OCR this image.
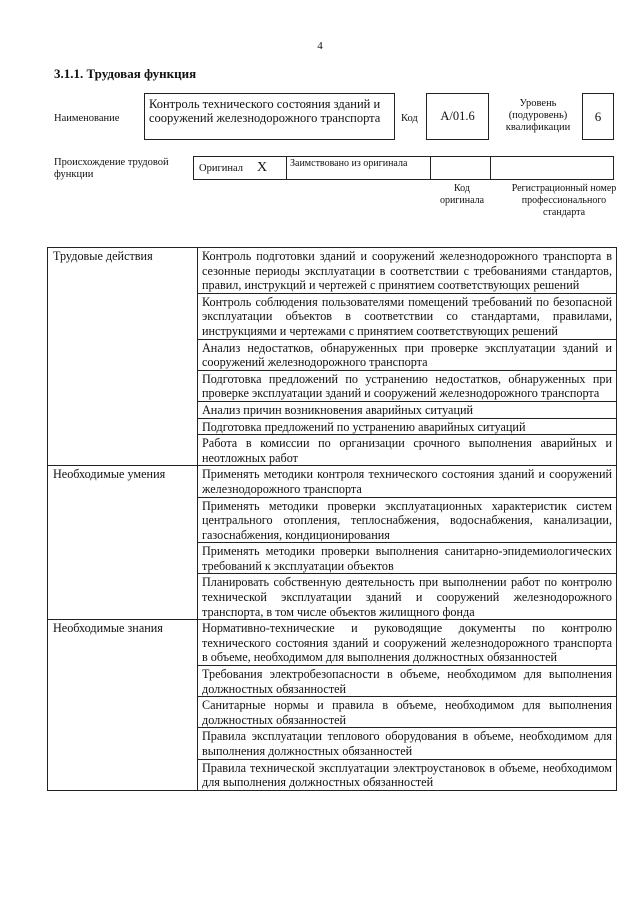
4
3.1.1. Трудовая функция
Наименование
Контроль технического состояния зданий и сооружений железнодорожного транспорта	Код A/01.6
Уровень (подуровень) квалификации
6
Происхождение трудовой функции
Оригинал X	Заимствовано из оригинала
Код оригинала
Регистрационный номер профессионального стандарта
Трудовые действия	Контроль подготовки зданий и сооружений железнодорожного транспорта в сезонные периоды эксплуатации в соответствии с требованиями стандартов, правил, инструкций и чертежей с принятием соответствующих решений
	Контроль соблюдения пользователями помещений требований по безопасной эксплуатации объектов в соответствии со стандартами, правилами, инструкциями и чертежами с принятием соответствующих решений
	Анализ недостатков, обнаруженных при проверке эксплуатации зданий и сооружений железнодорожного транспорта
	Подготовка предложений по устранению недостатков, обнаруженных при проверке эксплуатации зданий и сооружений железнодорожного транспорта
	Анализ причин возникновения аварийных ситуаций
	Подготовка предложений по устранению аварийных ситуаций
	Работа в комиссии по организации срочного выполнения аварийных и неотложных работ
Необходимые умения	Применять методики контроля технического состояния зданий и сооружений железнодорожного транспорта
	Применять методики проверки эксплуатационных характеристик систем центрального отопления, теплоснабжения, водоснабжения, канализации, газоснабжения, кондиционирования
	Применять методики проверки выполнения санитарно-эпидемиологических требований к эксплуатации объектов
	Планировать собственную деятельность при выполнении работ по контролю технической эксплуатации зданий и сооружений железнодорожного транспорта, в том числе объектов жилищного фонда
Необходимые знания	Нормативно-технические и руководящие документы по контролю технического состояния зданий и сооружений железнодорожного транспорта в объеме, необходимом для выполнения должностных обязанностей
	Требования электробезопасности в объеме, необходимом для выполнения должностных обязанностей
	Санитарные нормы и правила в объеме, необходимом для выполнения должностных обязанностей
	Правила эксплуатации теплового оборудования в объеме, необходимом для выполнения должностных обязанностей
	Правила технической эксплуатации электроустановок в объеме, необходимом для выполнения должностных обязанностей
